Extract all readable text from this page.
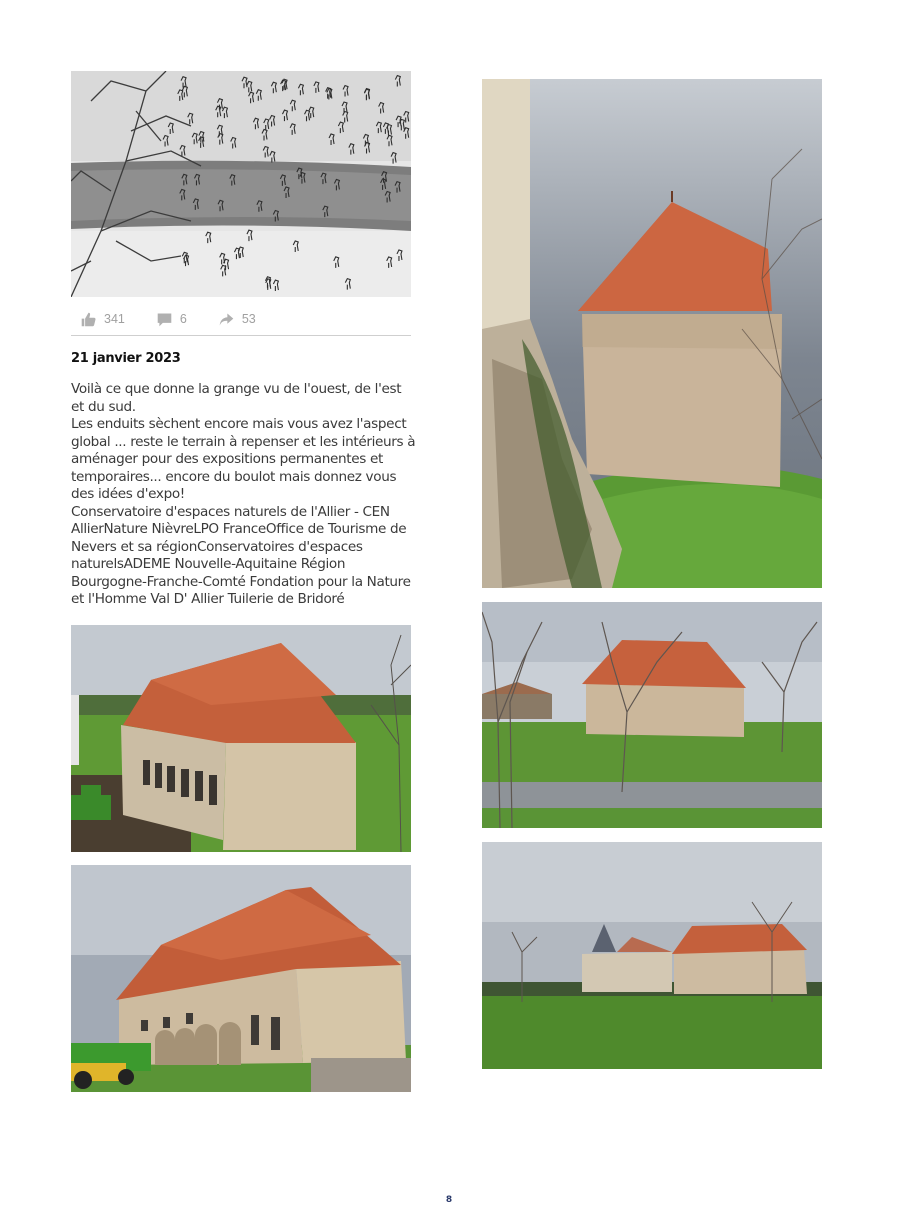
341	6	53
21 janvier 2023
Voilà ce que donne la grange vu de l'ouest, de l'est et du sud.
Les enduits sèchent encore mais vous avez l'aspect global ... reste le terrain à repenser et les intérieurs à aménager pour des expositions permanentes et temporaires... encore du boulot mais donnez vous des idées d'expo!
Conservatoire d'espaces naturels de l'Allier - CEN AllierNature NièvreLPO FranceOffice de Tourisme de Nevers et sa régionConservatoires d'espaces naturelsADEME Nouvelle-Aquitaine Région Bourgogne-Franche-Comté Fondation pour la Nature et l'Homme Val D' Allier Tuilerie de Bridoré
8
